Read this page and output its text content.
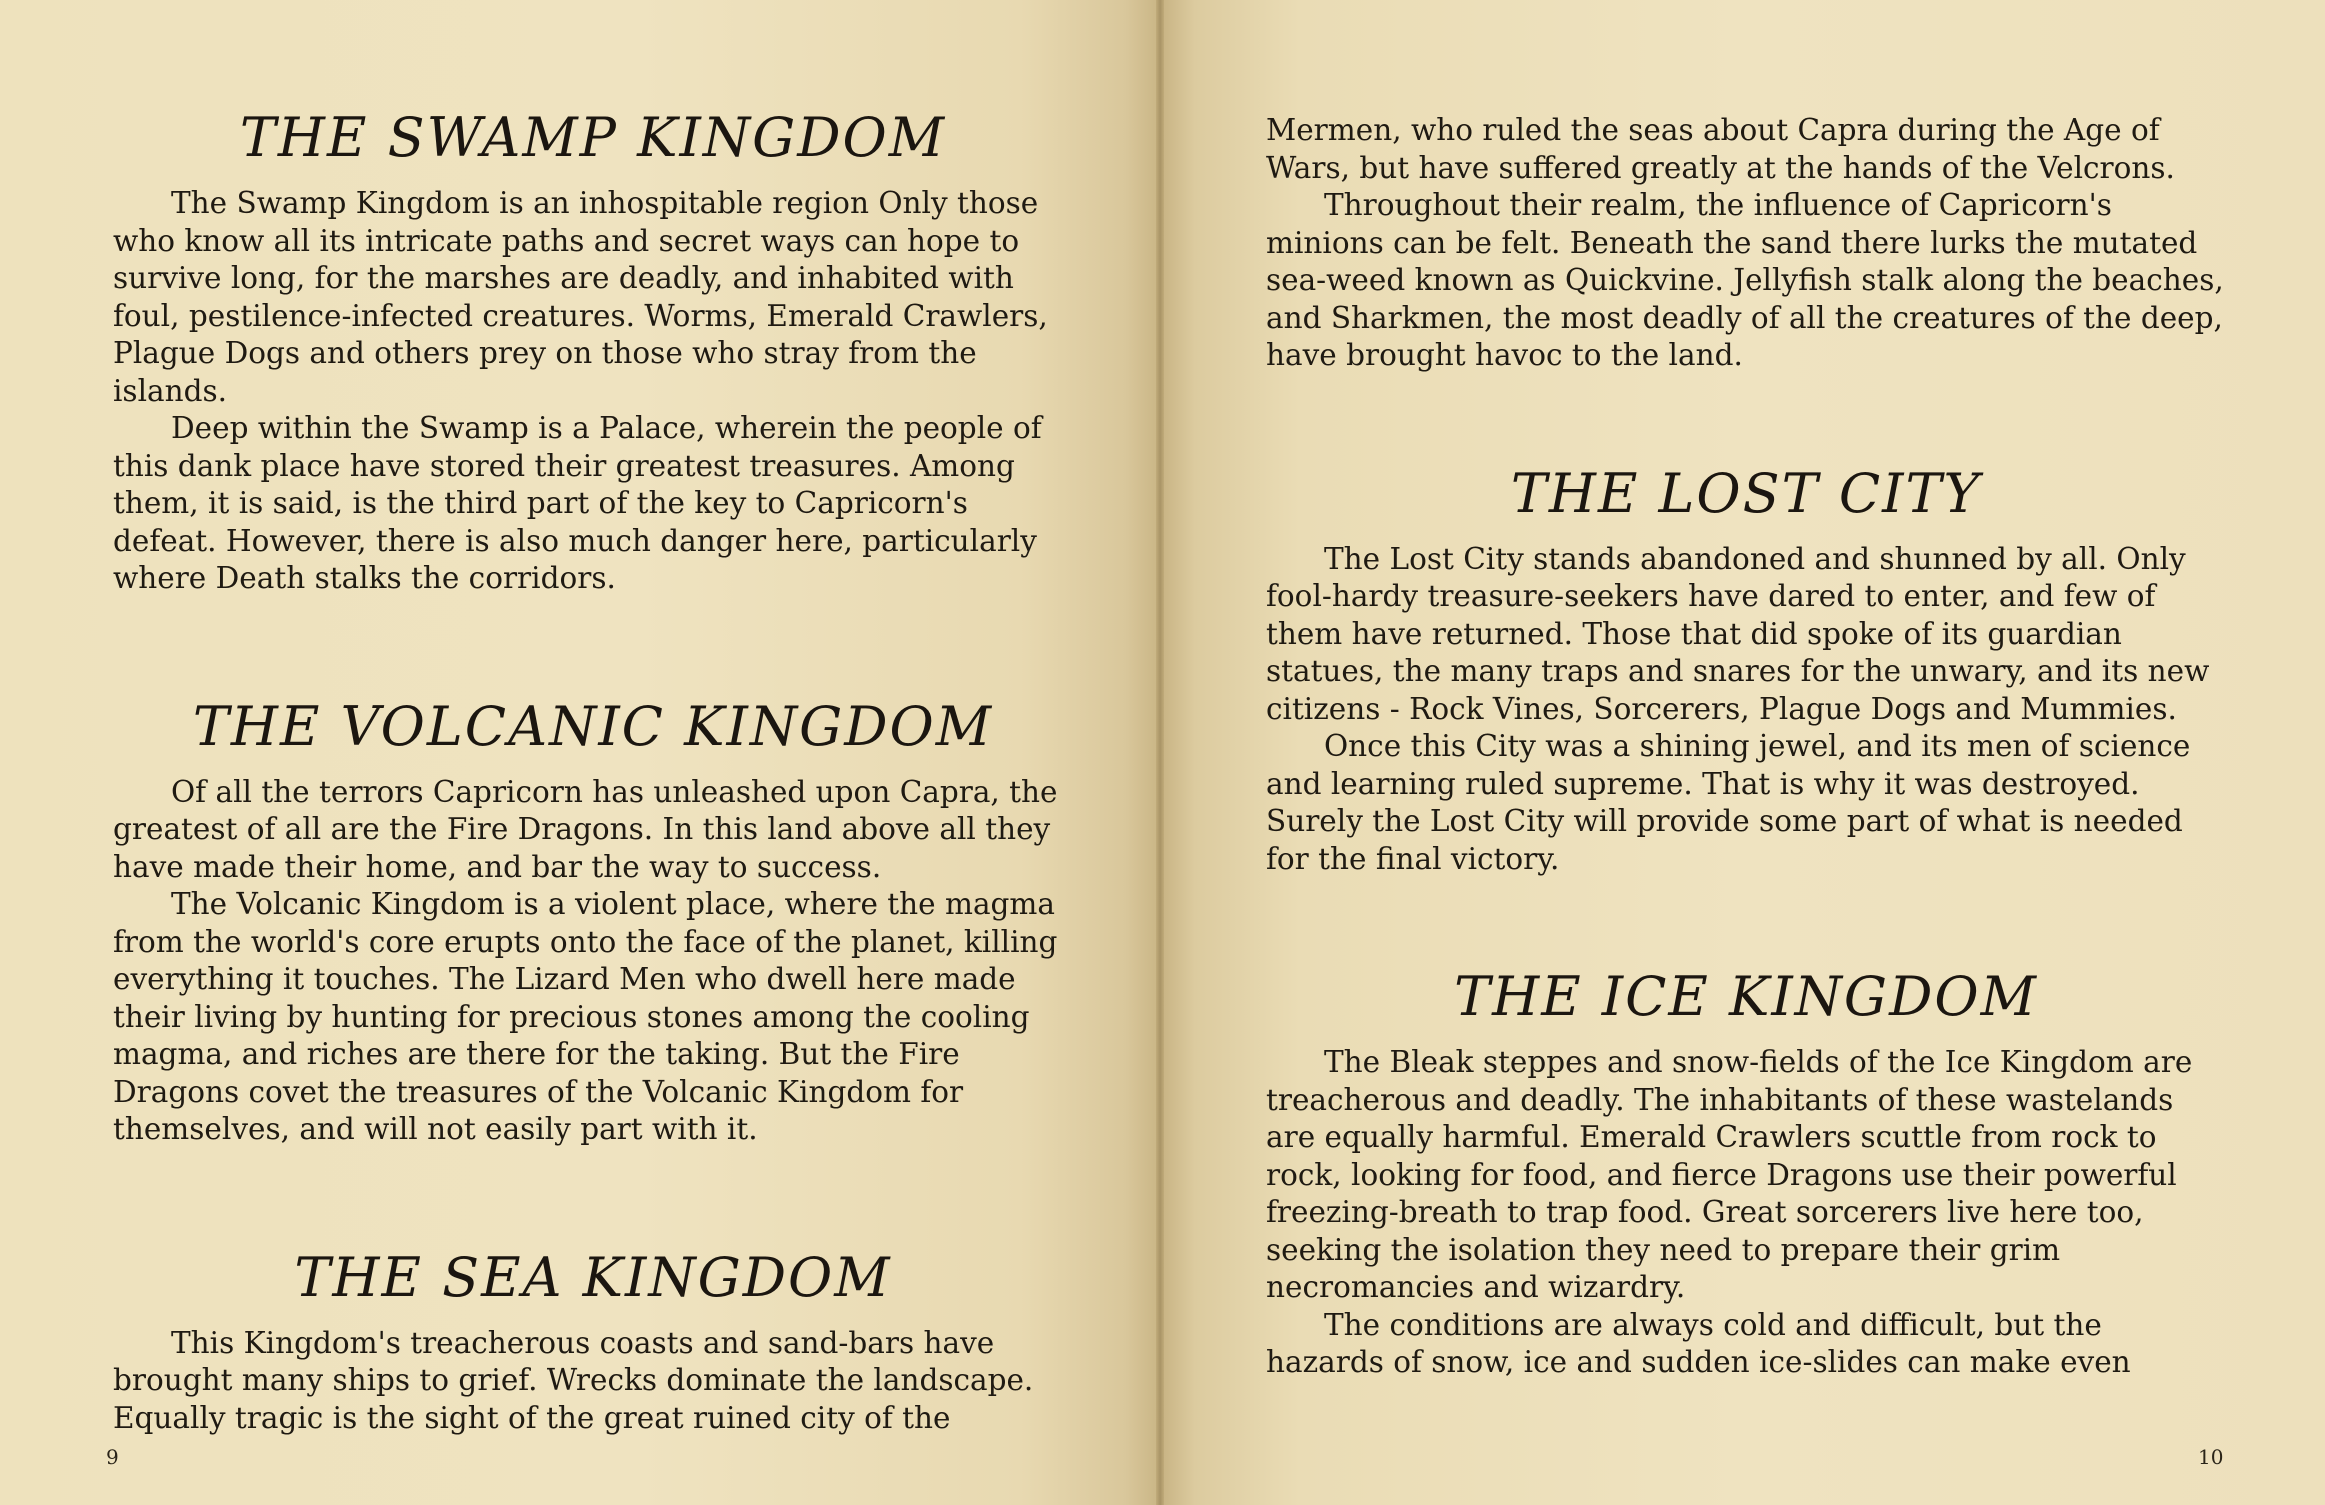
THE SWAMP KINGDOM

The Swamp Kingdom is an inhospitable region Only those who know all its intricate paths and secret ways can hope to survive long, for the marshes are deadly, and inhabited with foul, pestilence-infected creatures. Worms, Emerald Crawlers, Plague Dogs and others prey on those who stray from the islands.

Deep within the Swamp is a Palace, wherein the people of this dank place have stored their greatest treasures. Among them, it is said, is the third part of the key to Capricorn's defeat. However, there is also much danger here, particularly where Death stalks the corridors.

THE VOLCANIC KINGDOM

Of all the terrors Capricorn has unleashed upon Capra, the greatest of all are the Fire Dragons. In this land above all they have made their home, and bar the way to success.

The Volcanic Kingdom is a violent place, where the magma from the world's core erupts onto the face of the planet, killing everything it touches. The Lizard Men who dwell here made their living by hunting for precious stones among the cooling magma, and riches are there for the taking. But the Fire Dragons covet the treasures of the Volcanic Kingdom for themselves, and will not easily part with it.

THE SEA KINGDOM

This Kingdom's treacherous coasts and sand-bars have brought many ships to grief. Wrecks dominate the landscape. Equally tragic is the sight of the great ruined city of the

9

Mermen, who ruled the seas about Capra during the Age of Wars, but have suffered greatly at the hands of the Velcrons.

Throughout their realm, the influence of Capricorn's minions can be felt. Beneath the sand there lurks the mutated sea-weed known as Quickvine. Jellyfish stalk along the beaches, and Sharkmen, the most deadly of all the creatures of the deep, have brought havoc to the land.

THE LOST CITY

The Lost City stands abandoned and shunned by all. Only fool-hardy treasure-seekers have dared to enter, and few of them have returned. Those that did spoke of its guardian statues, the many traps and snares for the unwary, and its new citizens - Rock Vines, Sorcerers, Plague Dogs and Mummies.

Once this City was a shining jewel, and its men of science and learning ruled supreme. That is why it was destroyed. Surely the Lost City will provide some part of what is needed for the final victory.

THE ICE KINGDOM

The Bleak steppes and snow-fields of the Ice Kingdom are treacherous and deadly. The inhabitants of these wastelands are equally harmful. Emerald Crawlers scuttle from rock to rock, looking for food, and fierce Dragons use their powerful freezing-breath to trap food. Great sorcerers live here too, seeking the isolation they need to prepare their grim necromancies and wizardry.

The conditions are always cold and difficult, but the hazards of snow, ice and sudden ice-slides can make even

10
